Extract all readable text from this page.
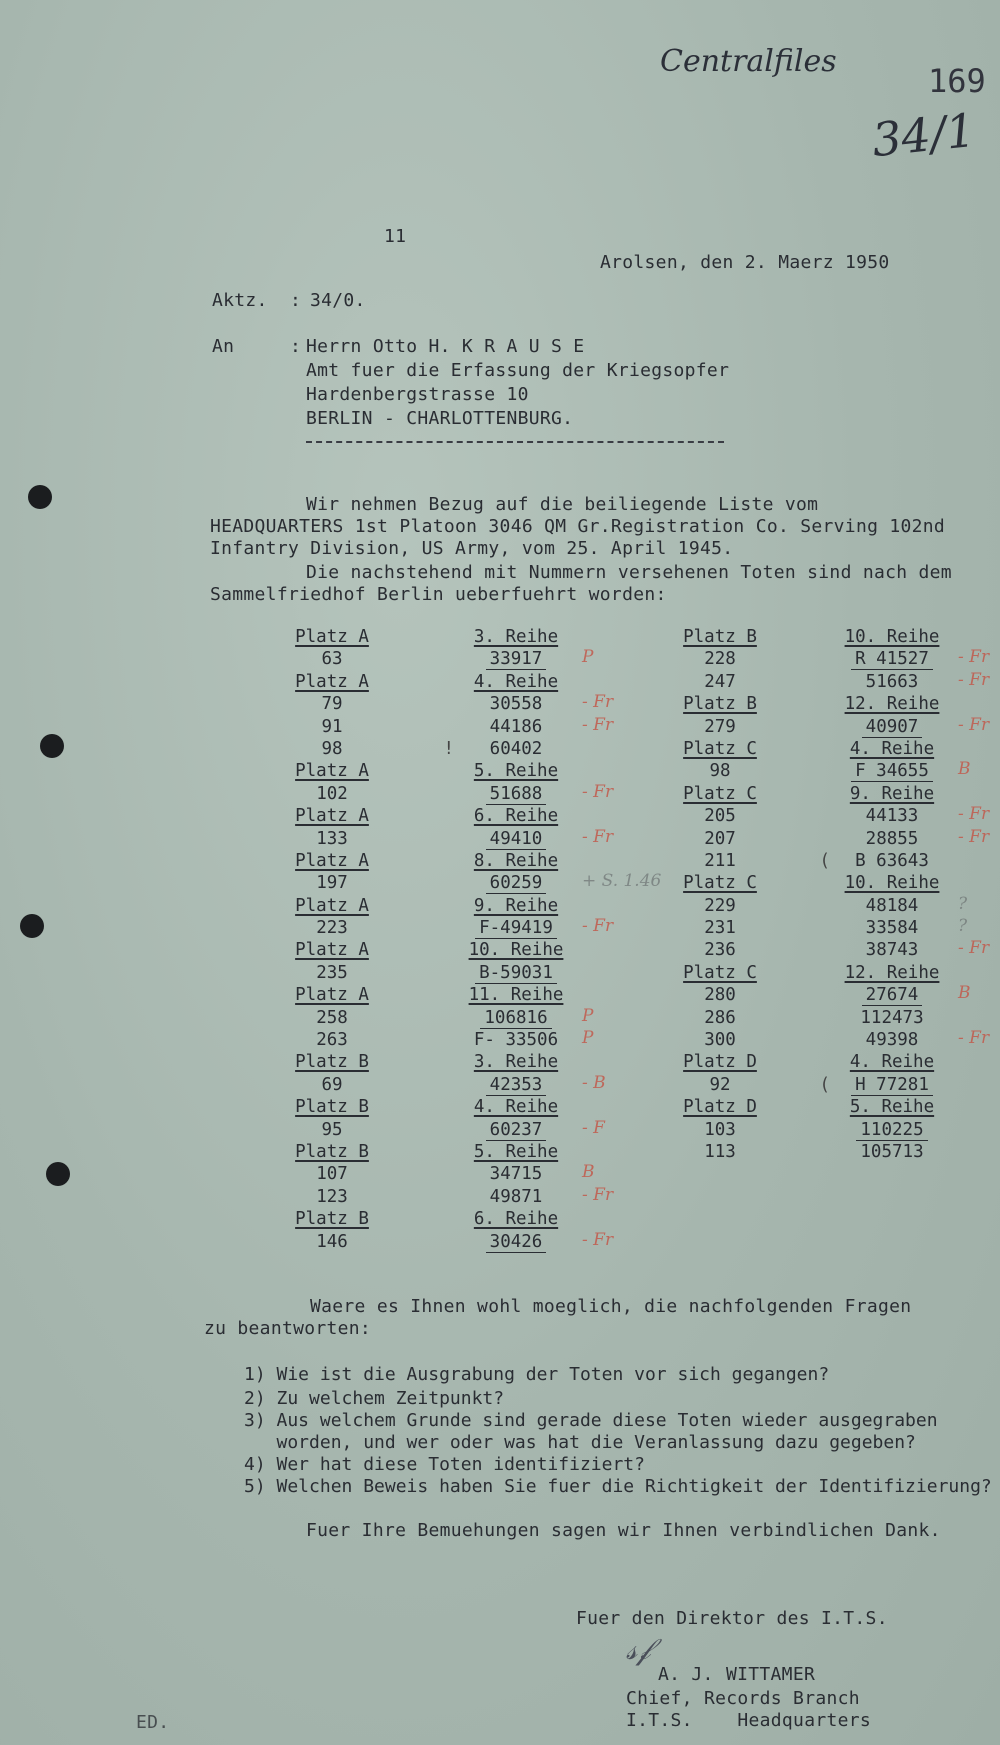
Centralfiles
169
34/1
11
Arolsen, den 2. Maerz 1950
Aktz. : 34/0.
An	: Herrn Otto H. K R A U S E
Amt fuer die Erfassung der Kriegsopfer
Hardenbergstrasse 10
BERLIN - CHARLOTTENBURG.
Wir nehmen Bezug auf die beiliegende Liste vom
HEADQUARTERS 1st Platoon 3046 QM Gr.Registration Co. Serving 102nd
Infantry Division, US Army, vom 25. April 1945.
Die nachstehend mit Nummern versehenen Toten sind nach dem
Sammelfriedhof Berlin ueberfuehrt worden:
Platz A
63
Platz A
79
91
98
Platz A
102
Platz A
133
Platz A
197
Platz A
223
Platz A
235
Platz A
258
263
Platz B
69
Platz B
95
Platz B
107
123
Platz B
146
3. Reihe
33917 P
4. Reihe
30558 - Fr
44186 - Fr
60402
!
5. Reihe
51688 - Fr
6. Reihe
49410 - Fr
8. Reihe
60259 + S. 1.46
9. Reihe
F-49419 - Fr
10. Reihe
B-59031
11. Reihe
106816 P
F- 33506 P
3. Reihe
42353 - B
4. Reihe
60237 - F
5. Reihe
34715 B
49871 - Fr
6. Reihe
30426 - Fr
Platz B
228
247
Platz B
279
Platz C
98
Platz C
205
207
211
Platz C
229
231
236
Platz C
280
286
300
Platz D
92
Platz D
103
113
10. Reihe
R 41527 - Fr
51663 - Fr
12. Reihe
40907 - Fr
4. Reihe
F 34655 B
9. Reihe
44133 - Fr
28855 - Fr
B 63643
(
10. Reihe
48184 ?
33584 ?
38743 - Fr
12. Reihe
27674 B
112473
49398 - Fr
4. Reihe
H 77281
(
5. Reihe
110225
105713
Waere es Ihnen wohl moeglich, die nachfolgenden Fragen
zu beantworten:
1) Wie ist die Ausgrabung der Toten vor sich gegangen?
2) Zu welchem Zeitpunkt?
3) Aus welchem Grunde sind gerade diese Toten wieder ausgegraben
worden, und wer oder was hat die Veranlassung dazu gegeben?
4) Wer hat diese Toten identifiziert?
5) Welchen Beweis haben Sie fuer die Richtigkeit der Identifizierung?
Fuer Ihre Bemuehungen sagen wir Ihnen verbindlichen Dank.
Fuer den Direktor des I.T.S.
𝓈𝒻
A. J. WITTAMER
Chief, Records Branch
I.T.S.    Headquarters
ED.
